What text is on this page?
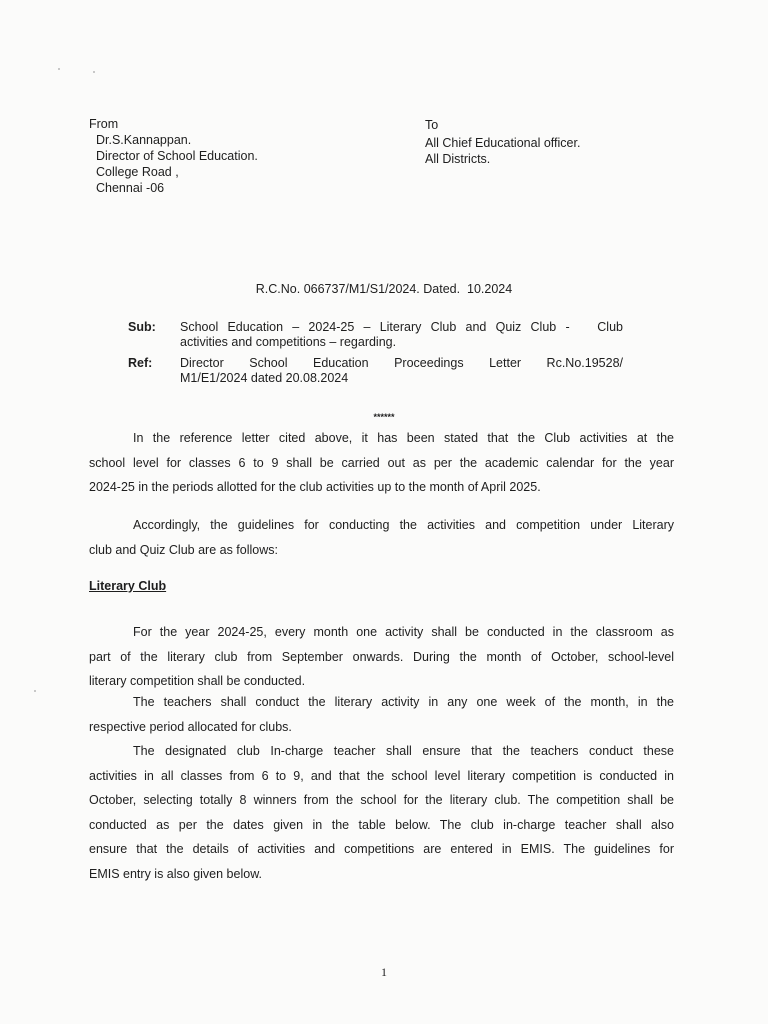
From
Dr.S.Kannappan.
Director of School Education.
College Road ,
Chennai -06
To
All Chief Educational officer.
All Districts.
R.C.No. 066737/M1/S1/2024. Dated.  10.2024
Sub:	School Education – 2024-25 – Literary Club and Quiz Club -   Club
activities and competitions – regarding.
Ref:	Director School Education Proceedings Letter Rc.No.19528/
M1/E1/2024 dated 20.08.2024
******
In the reference letter cited above, it has been stated that the Club activities at the
school level for classes 6 to 9 shall be carried out as per the academic calendar for the year
2024-25 in the periods allotted for the club activities up to the month of April 2025.
Accordingly, the guidelines for conducting the activities and competition under Literary
club and Quiz Club are as follows:
Literary Club
For the year 2024-25, every month one activity shall be conducted in the classroom as
part of the literary club from September onwards. During the month of October, school-level
literary competition shall be conducted.
The teachers shall conduct the literary activity in any one week of the month, in the
respective period allocated for clubs.
The designated club In-charge teacher shall ensure that the teachers conduct these
activities in all classes from 6 to 9, and that the school level literary competition is conducted in
October, selecting totally 8 winners from the school for the literary club. The competition shall be
conducted as per the dates given in the table below. The club in-charge teacher shall also
ensure that the details of activities and competitions are entered in EMIS. The guidelines for
EMIS entry is also given below.
1
